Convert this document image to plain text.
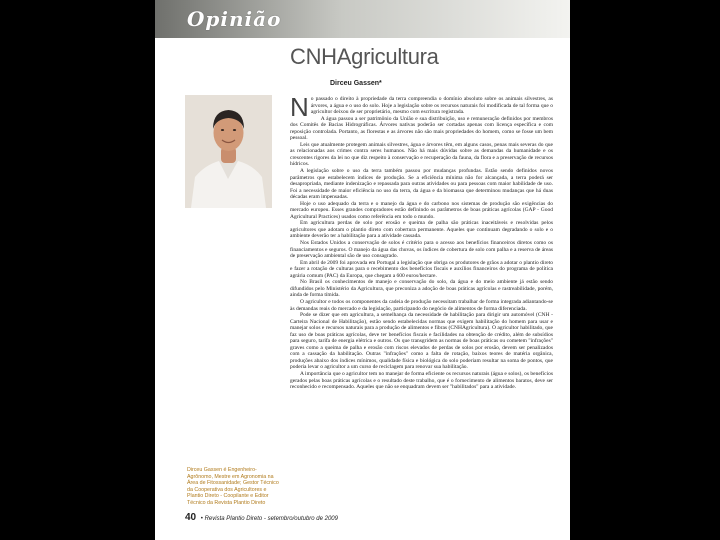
Opinião
CNHAgricultura
Dirceu Gassen*

No passado o direito à propriedade da terra compreendia o domínio absoluto sobre os animais silvestres, as árvores, a água e o uso do solo. Hoje a legislação sobre os recursos naturais foi modificada de tal forma que o agricultor deixou de ser proprietário, mesmo com escritura registrada.

A água passou a ser patrimônio da União e sua distribuição, uso e remuneração definidos por membros dos Comitês de Bacias Hidrográficas. Árvores nativas poderão ser cortadas apenas com licença específica e com reposição controlada. Portanto, as florestas e as árvores não são mais propriedades do homem, como se fosse um bem pessoal.

Leis que atualmente protegem animais silvestres, água e árvores têm, em alguns casos, penas mais severas do que as relacionadas aos crimes contra seres humanos. Não há mais dúvidas sobre as demandas da humanidade e os crescentes rigores da lei no que diz respeito à conservação e recuperação da fauna, da flora e a preservação de recursos hídricos.

A legislação sobre o uso da terra também passou por mudanças profundas. Estão sendo definidos novos parâmetros que estabelecem índices de produção. Se a eficiência mínima não for alcançada, a terra poderá ser desapropriada, mediante indenização e repassada para outras atividades ou para pessoas com maior habilidade de uso. Foi a necessidade de maior eficiência no uso da terra, da água e da biomassa que determinou mudanças que há duas décadas eram impensadas.

Hoje o uso adequado da terra e o manejo da água e do carbono nos sistemas de produção são exigências do mercado europeu. Esses grandes compradores estão definindo os parâmetros de boas práticas agrícolas (GAP - Good Agricultural Practices) usados como referência em todo o mundo.

Em agricultura perdas de solo por erosão e queima de palha são práticas inaceitáveis e resolvidas pelos agricultores que adotam o plantio direto com cobertura permanente. Aqueles que continuam degradando o solo e o ambiente deverão ter a habilitação para a atividade cassada.

Nos Estados Unidos a conservação de solos é critério para o acesso aos benefícios financeiros diretos como os financiamentos e seguros. O manejo da água das chuvas, os índices de cobertura de solo com palha e a reserva de áreas de preservação ambiental são de uso consagrado.

Em abril de 2009 foi aprovada em Portugal a legislação que obriga os produtores de grãos a adotar o plantio direto e fazer a rotação de culturas para o recebimento dos benefícios fiscais e auxílios financeiros do programa de política agrária comum (PAC) da Europa, que chegam a 600 euros/hectare.

No Brasil os conhecimentos de manejo e conservação do solo, da água e do meio ambiente já estão sendo difundidos pelo Ministério da Agricultura, que preconiza a adoção de boas práticas agrícolas e rastreabilidade, porém, ainda de forma tímida.

O agricultor e todos os componentes da cadeia de produção necessitam trabalhar de forma integrada adiantando-se às demandas reais do mercado e da legislação, participando do negócio de alimentos de forma diferenciada.

Pode se dizer que em agricultura, a semelhança da necessidade de habilitação para dirigir um automóvel (CNH - Carteira Nacional de Habilitação), estão sendo estabelecidas normas que exigem habilitação do homem para usar e manejar solos e recursos naturais para a produção de alimentos e fibras (CNHAgricultura). O agricultor habilitado, que faz uso de boas práticas agrícolas, deve ter benefícios fiscais e facilidades na obtenção de crédito, além de subsídios para seguro, tarifa de energia elétrica e outros. Os que transgridem as normas de boas práticas ou cometem "infrações" graves como a queima de palha e erosão com riscos elevados de perdas de solos por erosão, devem ser penalizados com a cassação da habilitação. Outras "infrações" como a falta de rotação, baixos teores de matéria orgânica, produções abaixo dos índices mínimos, qualidade física e biológica do solo poderiam resultar na soma de pontos, que poderia levar o agricultor a um curso de reciclagem para renovar sua habilitação.

A importância que o agricultor tem no manejar de forma eficiente os recursos naturais (água e solos), os benefícios gerados pelas boas práticas agrícolas e o resultado deste trabalho, que é o fornecimento de alimentos baratos, deve ser reconhecido e recompensado. Aqueles que não se enquadram devem ser "habilitados" para a atividade.

Dirceu Gassen é Engenheiro-Agrônomo, Mestre em Agronomia na Área de Fitossanidade; Gestor Técnico da Cooperativa dos Agricultores e Plantio Direto - Coopilante e Editor Técnico da Revista Plantio Direto
40 • Revista Plantio Direto - setembro/outubro de 2009
